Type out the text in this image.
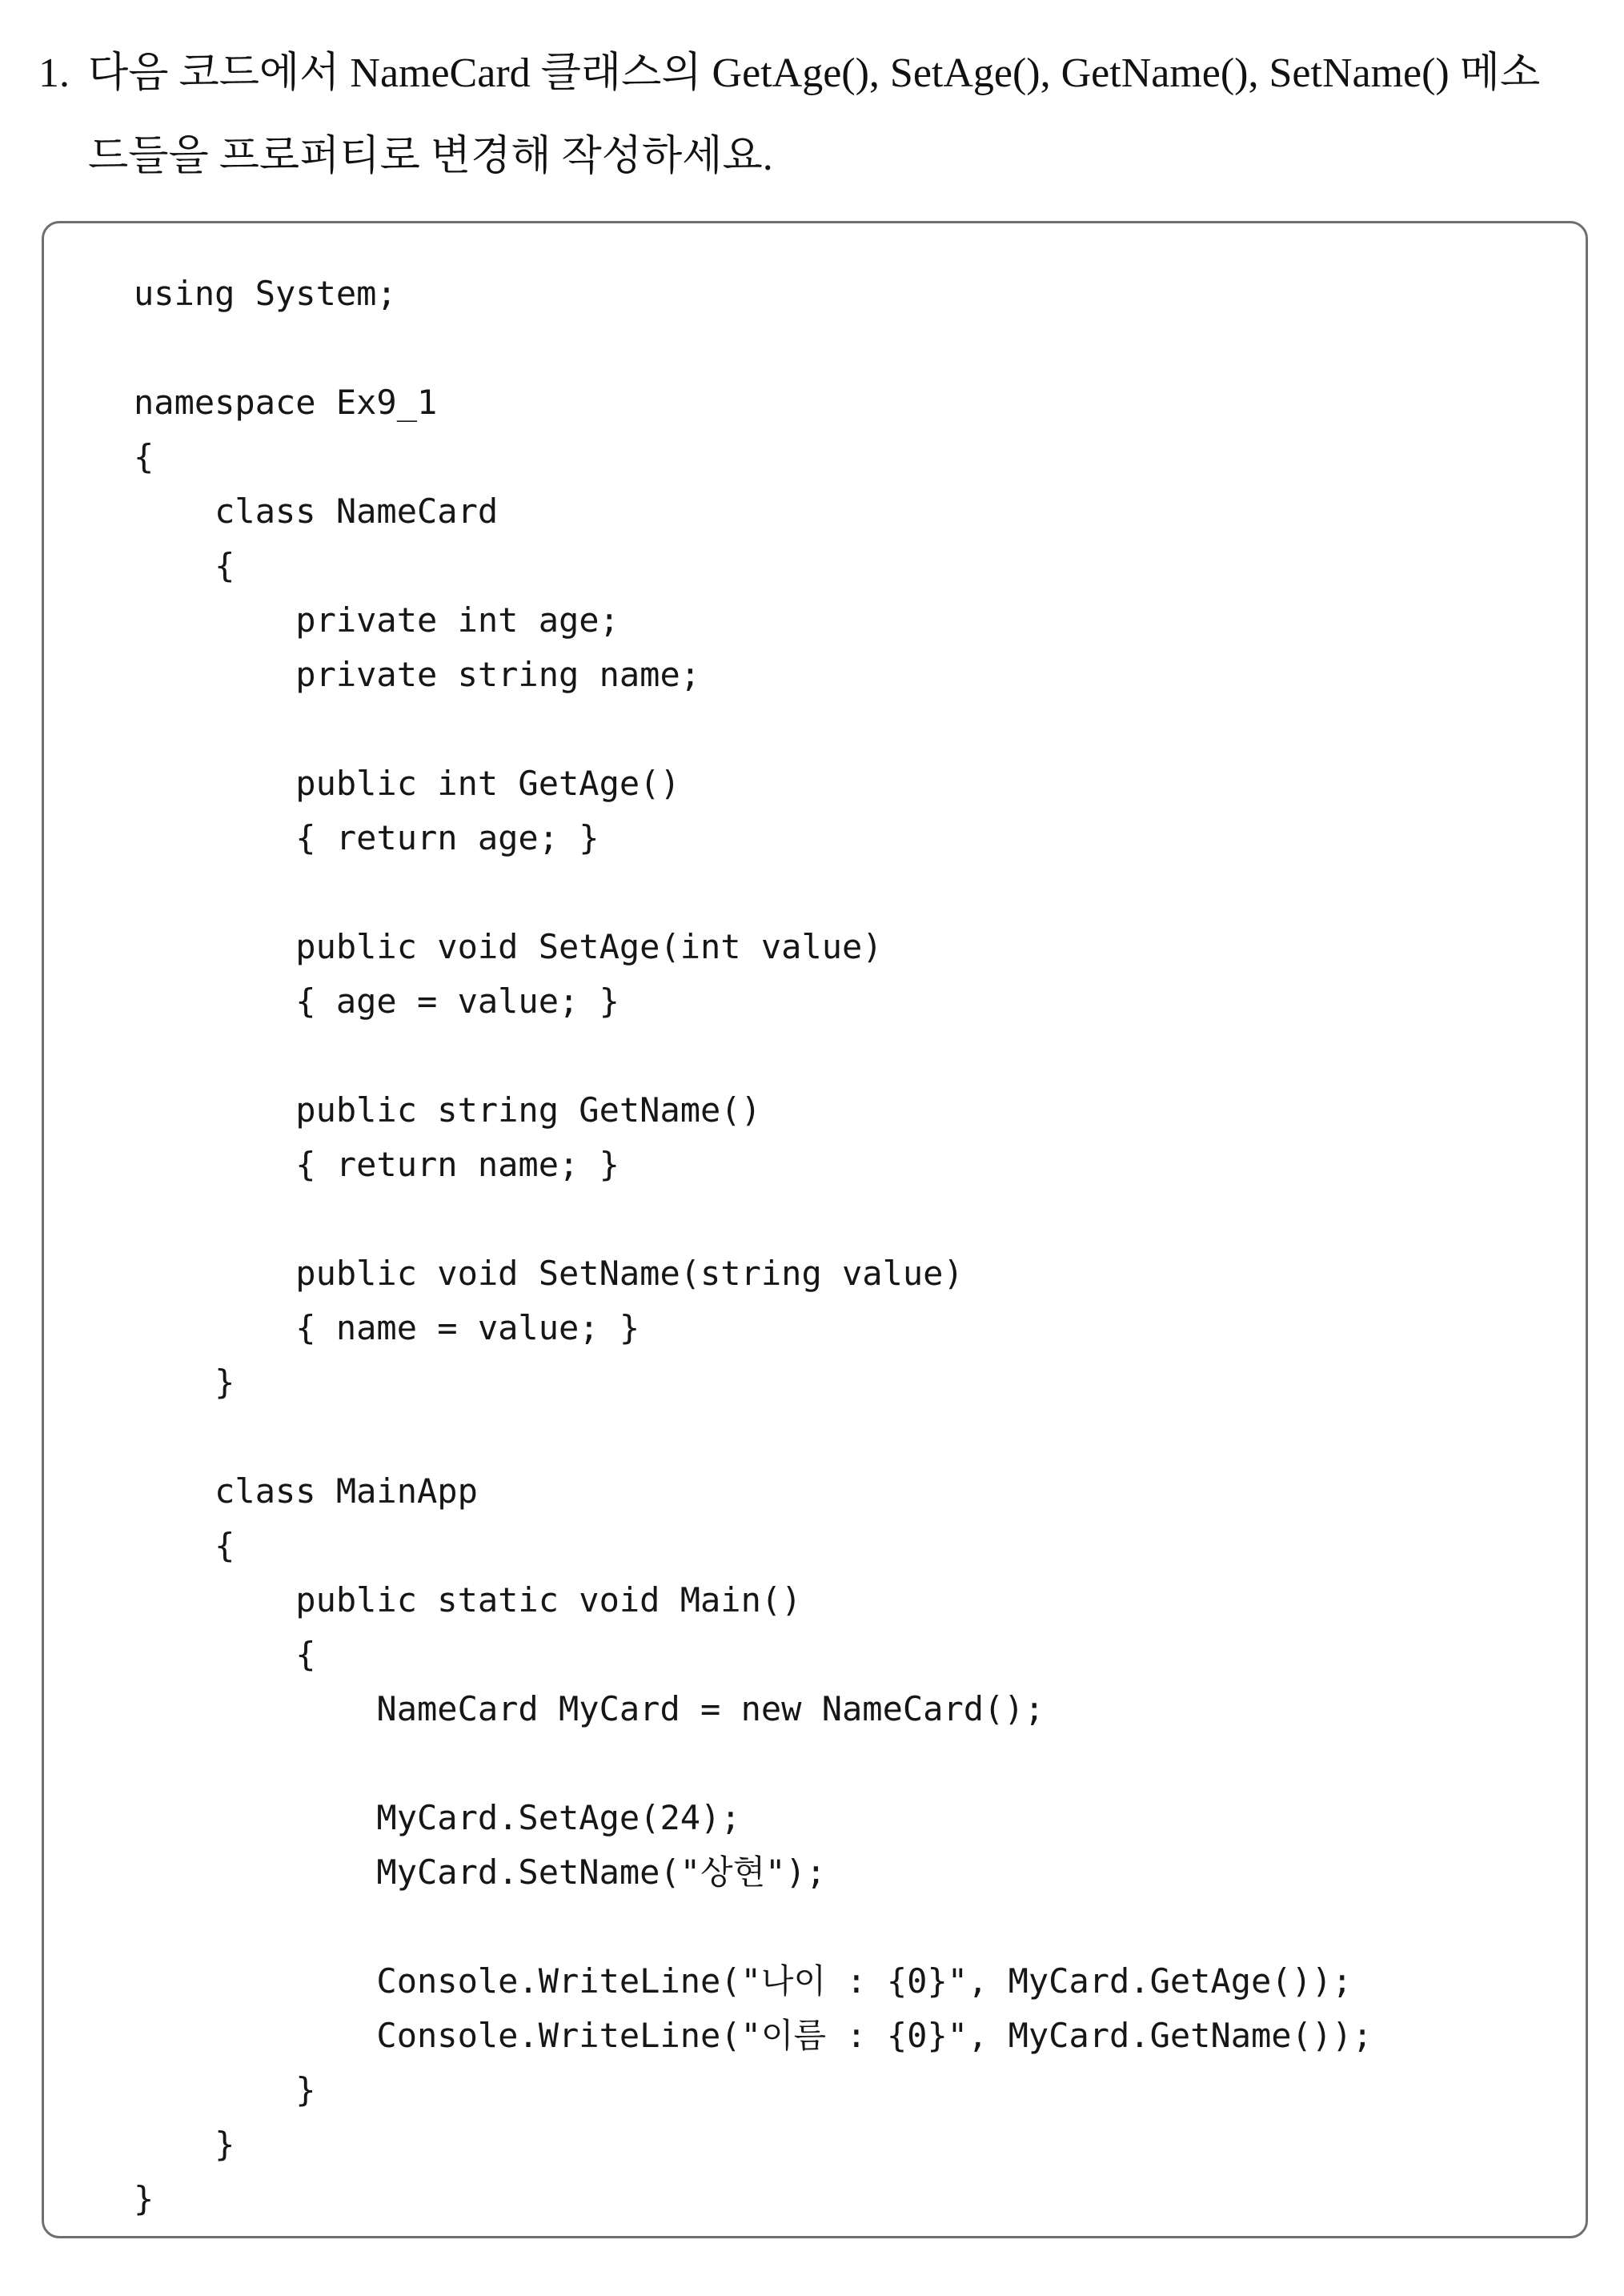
1. 다음 코드에서 NameCard 클래스의 GetAge(), SetAge(), GetName(), SetName() 메소
드들을 프로퍼티로 변경해 작성하세요.
using System;
namespace Ex9_1
{
class NameCard
{
private int age;
private string name;
public int GetAge()
{ return age; }
public void SetAge(int value)
{ age = value; }
public string GetName()
{ return name; }
public void SetName(string value)
{ name = value; }
}
class MainApp
{
public static void Main()
{
NameCard MyCard = new NameCard();
MyCard.SetAge(24);
MyCard.SetName("상현");
Console.WriteLine("나이 : {0}", MyCard.GetAge());
Console.WriteLine("이름 : {0}", MyCard.GetName());
}
}
}
